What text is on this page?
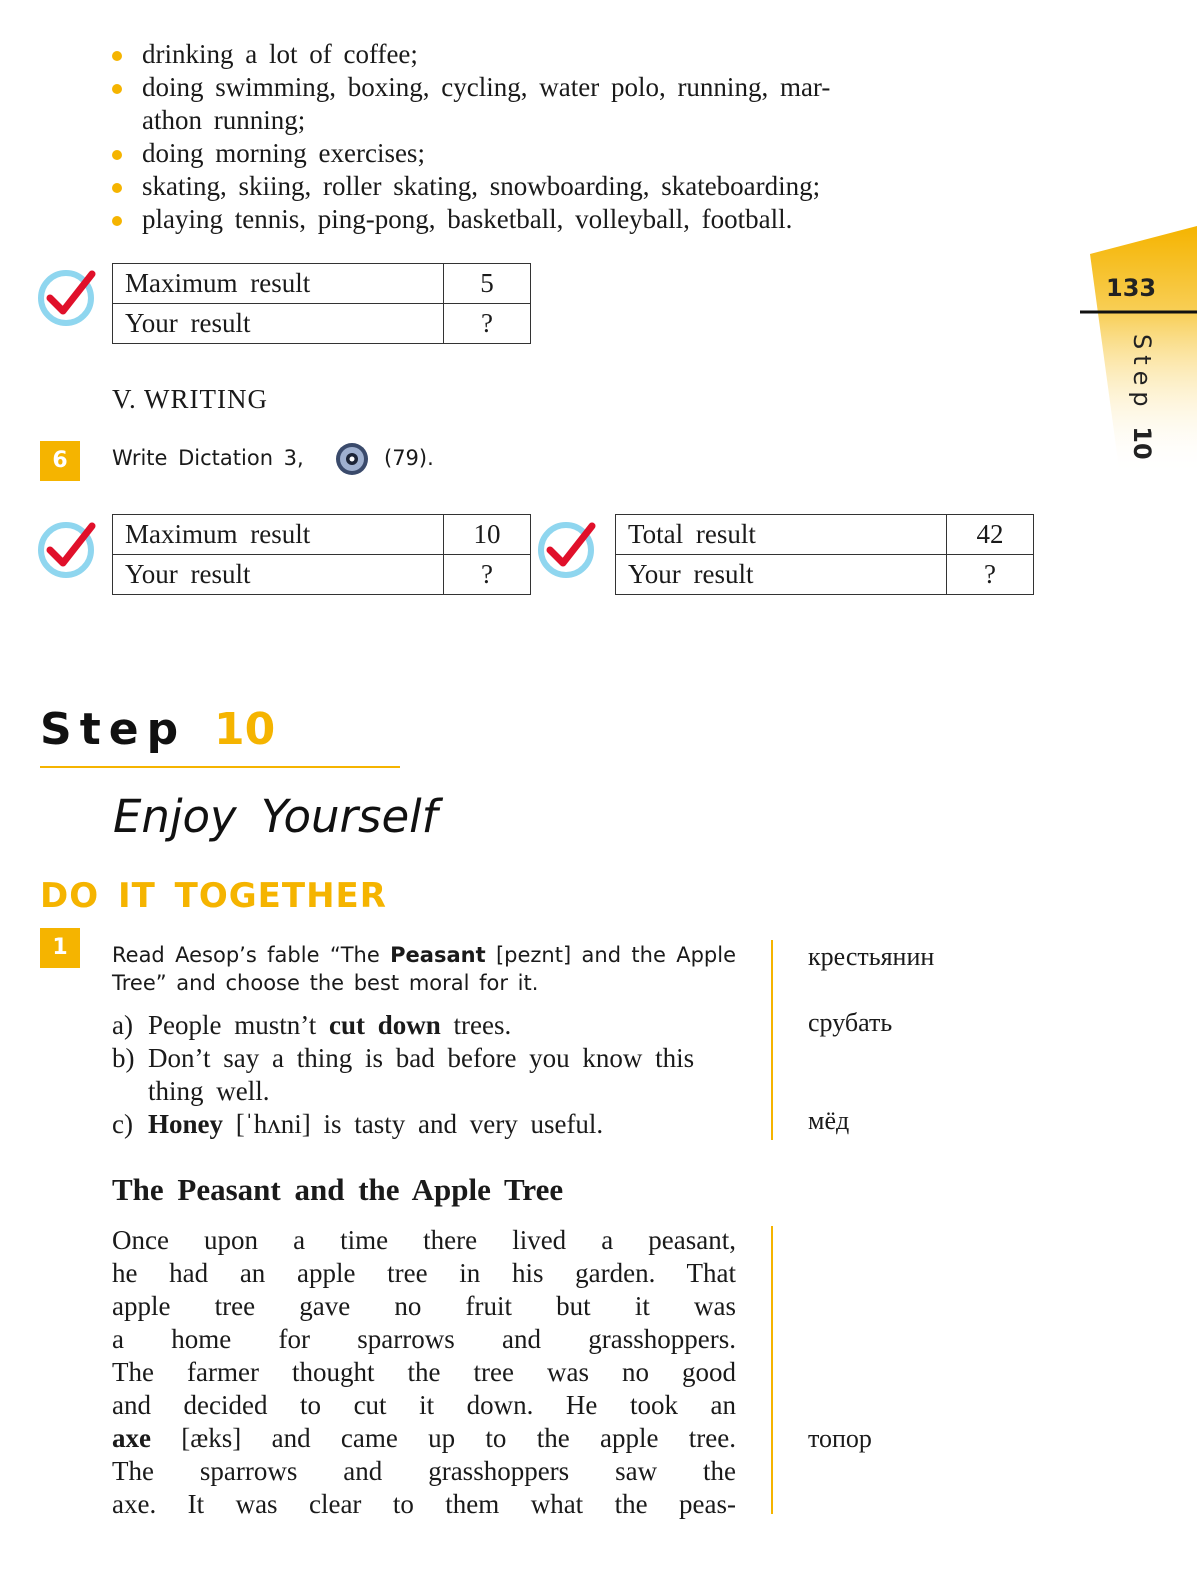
drinking a lot of coffee;
doing swimming, boxing, cycling, water polo, running, mar-
athon running;
doing morning exercises;
skating, skiing, roller skating, snowboarding, skateboarding;
playing tennis, ping-pong, basketball, volleyball, football.
Maximum result	5
Your result	?
V. WRITING
6	Write Dictation 3,	(79).
Maximum result	10
Your result	?
Total result	42
Your result	?
133
Step 10
Step 10
Enjoy Yourself
DO IT TOGETHER
1	Read Aesop’s fable “The Peasant [peznt] and the Apple Tree” and choose the best moral for it.
a) People mustn’t cut down trees.
b) Don’t say a thing is bad before you know this thing well.
c) Honey [ˈhʌni] is tasty and very useful.
крестьянин
срубать
мёд
The Peasant and the Apple Tree
Once upon a time there lived a peasant,
he had an apple tree in his garden. That
apple tree gave no fruit but it was
a home for sparrows and grasshoppers.
The farmer thought the tree was no good
and decided to cut it down. He took an
axe [æks] and came up to the apple tree.
The sparrows and grasshoppers saw the
axe. It was clear to them what the peas-
топор
